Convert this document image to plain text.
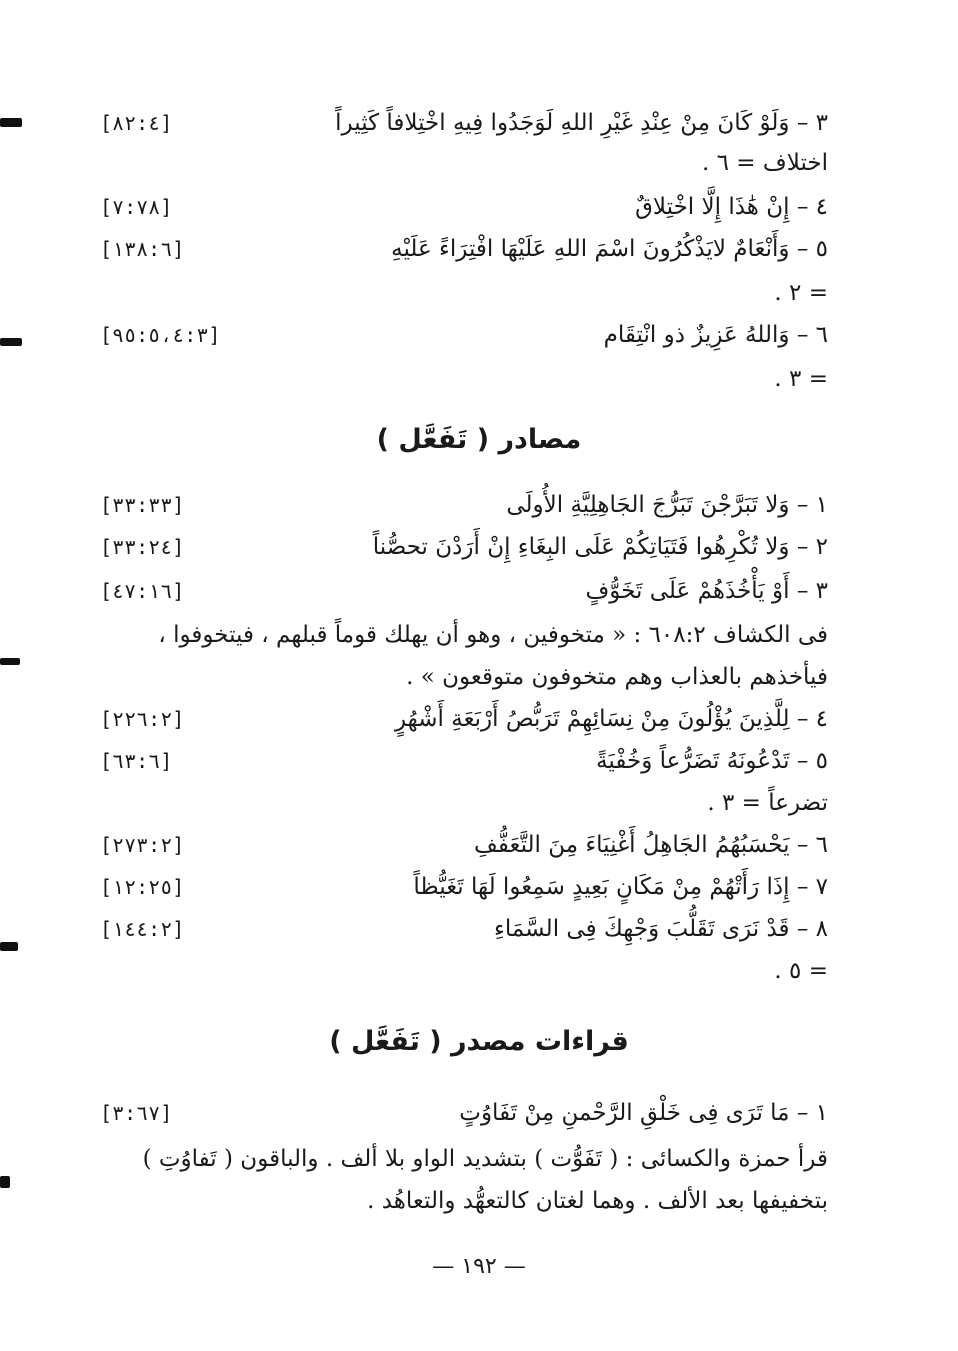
٣ – وَلَوْ كَانَ مِنْ عِنْدِ غَيْرِ اللهِ لَوَجَدُوا فِيهِ اخْتِلافاً كَثِيراً
[٨٢:٤]
اختلاف = ٦ .
٤ – إِنْ هَٰذَا إِلَّا اخْتِلاقٌ
[٧:٧٨]
٥ – وَأَنْعَامٌ لايَذْكُرُونَ اسْمَ اللهِ عَلَيْهَا افْتِرَاءً عَلَيْهِ
[١٣٨:٦]
= ٢ .
٦ – وَاللهُ عَزِيزٌ ذو انْتِقَام
[٩٥:٥،٤:٣]
= ٣ .
مصادر ( تَفَعَّل )
١ – وَلا تَبَرَّجْنَ تَبَرُّجَ الجَاهِلِيَّةِ الأُولَى
[٣٣:٣٣]
٢ – وَلا تُكْرِهُوا فَتَيَاتِكُمْ عَلَى البِغَاءِ إِنْ أَرَدْنَ تحصُّناً
[٣٣:٢٤]
٣ – أَوْ يَأْخُذَهُمْ عَلَى تَخَوُّفٍ
[٤٧:١٦]
فى الكشاف ٦٠٨:٢ : « متخوفين ، وهو أن يهلك قوماً قبلهم ، فيتخوفوا ،
فيأخذهم بالعذاب وهم متخوفون متوقعون » .
٤ – لِلَّذِينَ يُؤْلُونَ مِنْ نِسَائِهِمْ تَرَبُّصُ أَرْبَعَةِ أَشْهُرٍ
[٢٢٦:٢]
٥ – تَدْعُونَهُ تَضَرُّعاً وَخُفْيَةً
[٦٣:٦]
تضرعاً = ٣ .
٦ – يَحْسَبُهُمُ الجَاهِلُ أَغْنِيَاءَ مِنَ التَّعَفُّفِ
[٢٧٣:٢]
٧ – إِذَا رَأَتْهُمْ مِنْ مَكَانٍ بَعِيدٍ سَمِعُوا لَهَا تَغَيُّظاً
[١٢:٢٥]
٨ – قَدْ نَرَى تَقَلُّبَ وَجْهِكَ فِى السَّمَاءِ
[١٤٤:٢]
= ٥ .
قراءات مصدر ( تَفَعَّل )
١ – مَا تَرَى فِى خَلْقِ الرَّحْمنِ مِنْ تَفَاوُتٍ
[٣:٦٧]
قرأ حمزة والكسائى : ( تَفَوُّت ) بتشديد الواو بلا ألف . والباقون ( تَفاوُتِ )
بتخفيفها بعد الألف . وهما لغتان كالتعهُّد والتعاهُد .
— ١٩٢ —
